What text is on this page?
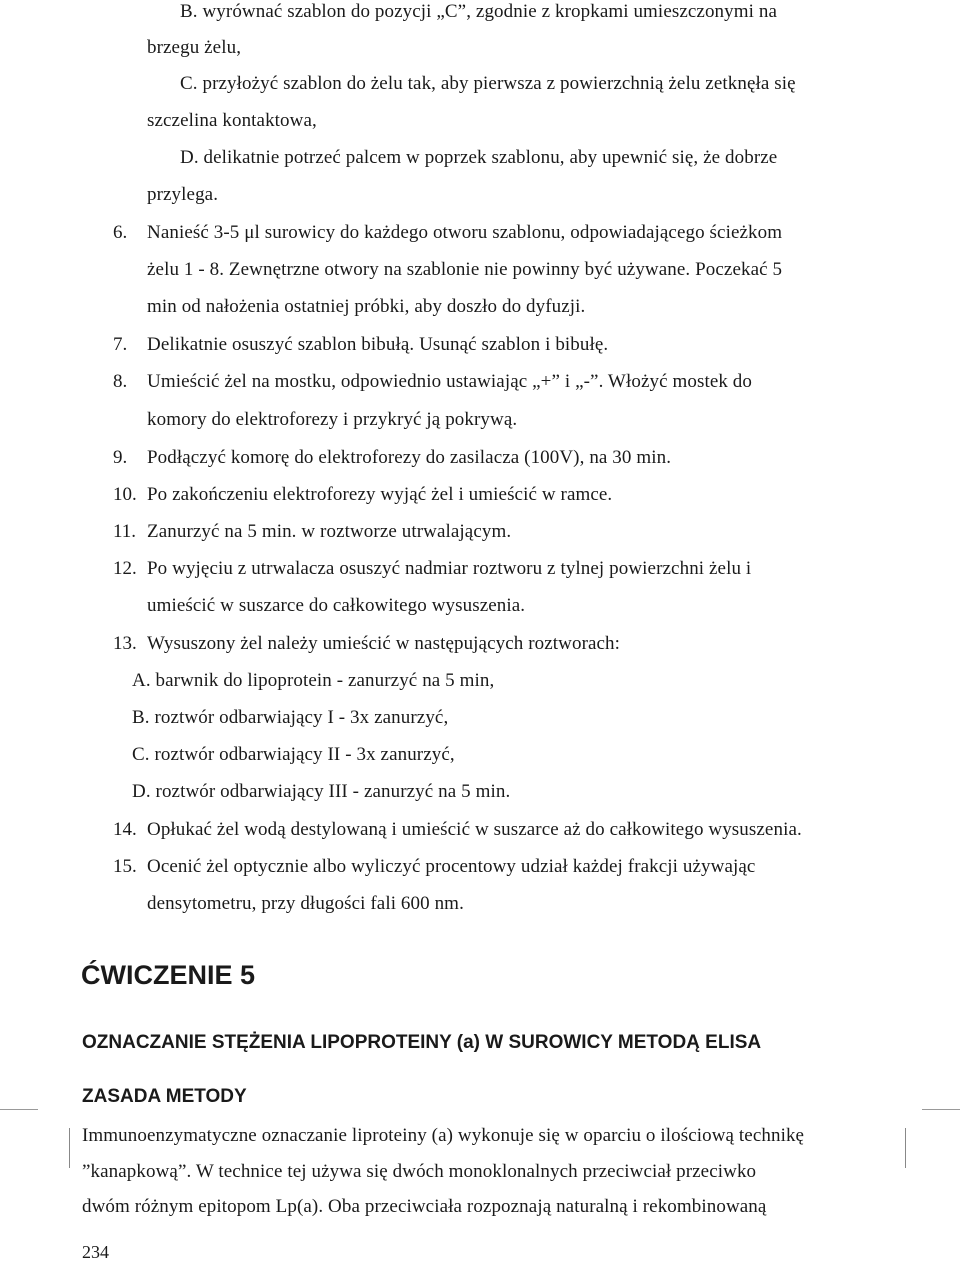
B. wyrównać szablon do pozycji „C”, zgodnie z kropkami umieszczonymi na
brzegu żelu,
C. przyłożyć szablon do żelu tak, aby pierwsza z powierzchnią żelu zetknęła się
szczelina kontaktowa,
D. delikatnie potrzeć palcem w poprzek szablonu, aby upewnić się, że dobrze
przylega.
6. Nanieść 3-5 μl surowicy do każdego otworu szablonu, odpowiadającego ścieżkom
żelu 1 - 8. Zewnętrzne otwory na szablonie nie powinny być używane. Poczekać 5
min od nałożenia ostatniej próbki, aby doszło do dyfuzji.
7. Delikatnie osuszyć szablon bibułą. Usunąć szablon i bibułę.
8. Umieścić żel na mostku, odpowiednio ustawiając „+” i „-”. Włożyć mostek do
komory do elektroforezy i przykryć ją pokrywą.
9. Podłączyć komorę do elektroforezy do zasilacza (100V), na 30 min.
10. Po zakończeniu elektroforezy wyjąć żel i umieścić w ramce.
11. Zanurzyć na 5 min. w roztworze utrwalającym.
12. Po wyjęciu z utrwalacza osuszyć nadmiar roztworu z tylnej powierzchni żelu i
umieścić w suszarce do całkowitego wysuszenia.
13. Wysuszony żel należy umieścić w następujących roztworach:
A. barwnik do lipoprotein - zanurzyć na 5 min,
B. roztwór odbarwiający I - 3x zanurzyć,
C. roztwór odbarwiający II - 3x zanurzyć,
D. roztwór odbarwiający III - zanurzyć na 5 min.
14. Opłukać żel wodą destylowaną i umieścić w suszarce aż do całkowitego wysuszenia.
15. Ocenić żel optycznie albo wyliczyć procentowy udział każdej frakcji używając
densytometru, przy długości fali 600 nm.
ĆWICZENIE 5
OZNACZANIE STĘŻENIA LIPOPROTEINY (a) W SUROWICY METODĄ ELISA
ZASADA METODY
Immunoenzymatyczne oznaczanie liproteiny (a) wykonuje się w oparciu o ilościową technikę
”kanapkową”. W technice tej używa się dwóch monoklonalnych przeciwciał przeciwko
dwóm różnym epitopom Lp(a). Oba przeciwciała rozpoznają naturalną i rekombinowaną
234
